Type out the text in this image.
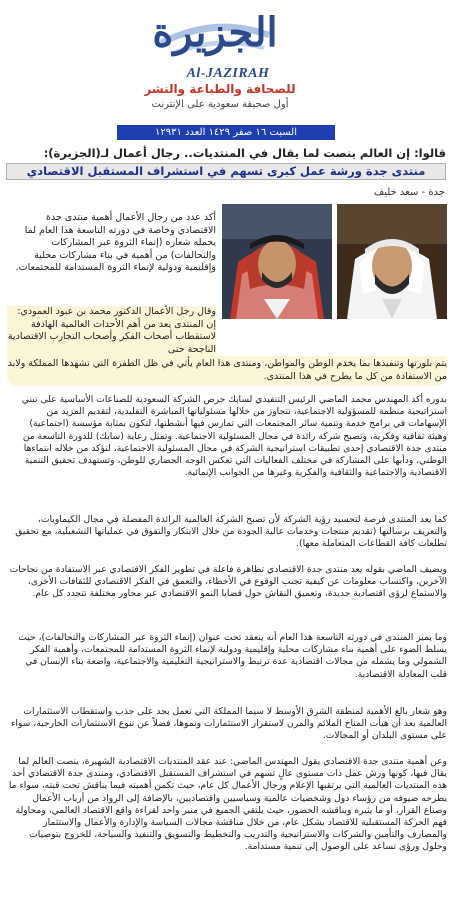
الجزيرة
Al-JAZIRAH
للصحافة والطباعة والنشر
أول صحيفة سعودية على الإنترنت
السبت ١٦ صفر ١٤٢٩ العدد ١٢٩٣١
قالوا: إن العالم ينصت لما يقال في المنتديات.. رجال أعمال لـ(الجزيرة):
منتدى جدة ورشة عمل كبرى تسهم في استشراف المستقبل الاقتصادي
جدة - سعد خليف
أكد عدد من رجال الأعمال أهمية منتدى جدة الاقتصادي وخاصة في دورته التاسعة هذا العام لما يحمله شعاره (إنماء الثروة عبر المشاركات والتحالفات) من أهمية في بناء مشاركات محلية وإقليمية ودولية لإنماء الثروة المستدامة للمجتمعات.
وقال رجل الأعمال الدكتور محمد بن عبود العمودي: إن المنتدى يعد من أهم الأحداث العالمية الهادفة لاستقطاب أصحاب الفكر وأصحاب التجارب الاقتصادية الناجحة حتى
يتم بلورتها وتنفيذها بما يخدم الوطن والمواطن، ومنتدى هذا العام يأتي في ظل الطفرة التي تشهدها المملكة ولابد من الاستفادة من كل ما يطرح في هذا المنتدى.
بدوره أكد المهندس محمد الماضي الرئيس التنفيذي لسابك حرص الشركة السعودية للصناعات الأساسية على تبني استراتيجية منظمة للمسؤولية الاجتماعية، تتجاوز من خلالها مسئولياتها المباشرة التقليدية، لتقديم المزيد من الإسهامات في برامج خدمة وتنمية سائر المجتمعات التي تمارس فيها أنشطتها، لتكون بمثابة مؤسسة (اجتماعية) وهيئة ثقافية وفكرية، وتصبح شركة رائدة في مجال المسئولية الاجتماعية. وتمثل رعاية (سابك) للدورة التاسعة من منتدى جدة الاقتصادي إحدى تطبيقات استراتيجية الشركة في مجال المسئولية الاجتماعية، لتؤكد من خلاله انتماءها الوطني، ودأبها على المشاركة في مختلف الفعاليات التي تعكس الوجه الحضاري للوطن، وتستهدف تحقيق التنمية الاقتصادية والاجتماعية والثقافية والفكرية وغيرها من الجوانب الإنمائية.
كما يعد المنتدى فرصة لتجسيد رؤية الشركة لأن تصبح الشركة العالمية الرائدة المفضلة في مجال الكيماويات، والتعريف برسالتها (تقديم منتجات وخدمات عالية الجودة من خلال الابتكار والتفوق في عملياتها التشغيلية، مع تحقيق تطلعات كافة القطاعات المتعاملة معها).
ويضيف الماضي بقوله يعد منتدى جدة الاقتصادي تظاهرة فاعلة في تطوير الفكر الاقتصادي عبر الاستفادة من نجاحات الآخرين، واكتساب معلومات عن كيفية تجنب الوقوع في الأخطاء، والتعمق في الفكر الاقتصادي للثقافات الأخرى، والاستماع لرؤى اقتصادية جديدة، وتعميق النقاش حول قضايا النمو الاقتصادي عبر محاور مختلفة تتجدد كل عام.
وما يميز المنتدى في دورته التاسعة هذا العام أنه ينعقد تحت عنوان (إنماء الثروة عبر المشاركات والتحالفات)، حيث يسلط الضوء على أهمية بناء مشاركات محلية وإقليمية ودولية لإنماء الثروة المستدامة للمجتمعات، وأهمية الفكر الشمولي وما يشمله من مجالات اقتصادية عدة ترتبط والاستراتيجية التعليمية والاجتماعية، واضعة بناء الإنسان في قلب المعادلة الاقتصادية.
وهو شعار بالغ الأهمية لمنطقة الشرق الأوسط لا سيما المملكة التي تعمل بجد على جذب واستقطاب الاستثمارات العالمية بعد أن هيأت المناخ الملائم والمرن لاستقرار الاستثمارات ونموها، فضلاً عن تنوع الاستثمارات الخارجية، سواء على مستوى البلدان أو المجالات.
وعن أهمية منتدى جدة الاقتصادي يقول المهندس الماضي: عند عقد المنتديات الاقتصادية الشهيرة، ينصت العالم لما يقال فيها، كونها ورش عمل ذات مستوى عالٍ تسهم في استشراف المستقبل الاقتصادي، ومنتدى جدة الاقتصادي أحد هذه المنتديات العالمية التي يرتقبها الإعلام ورجال الأعمال كل عام، حيث تكمن أهميته فيما يناقش تحت قبته، سواء ما يطرحه ضيوفه من رؤساء دول وشخصيات عالمية وسياسيين واقتصاديين، بالإضافة إلى الرواد من أرباب الأعمال وصناع القرار، أو ما يثيره ويناقشه الحضور، حيث يلتقي الجميع في منبر واحد لقراءة واقع الاقتصاد العالمي، ومحاولة فهم الحركة المستقبلية للاقتصاد بشكل عام، من خلال مناقشة مجالات السياسة والإدارة والأعمال والاستثمار والمصارف والتأمين والشركات والاستراتيجية والتدريب والتخطيط والتسويق والتنفيذ والسياحة، للخروج بتوصيات وحلول ورؤى تساعد على الوصول إلى تنمية مستدامة.
